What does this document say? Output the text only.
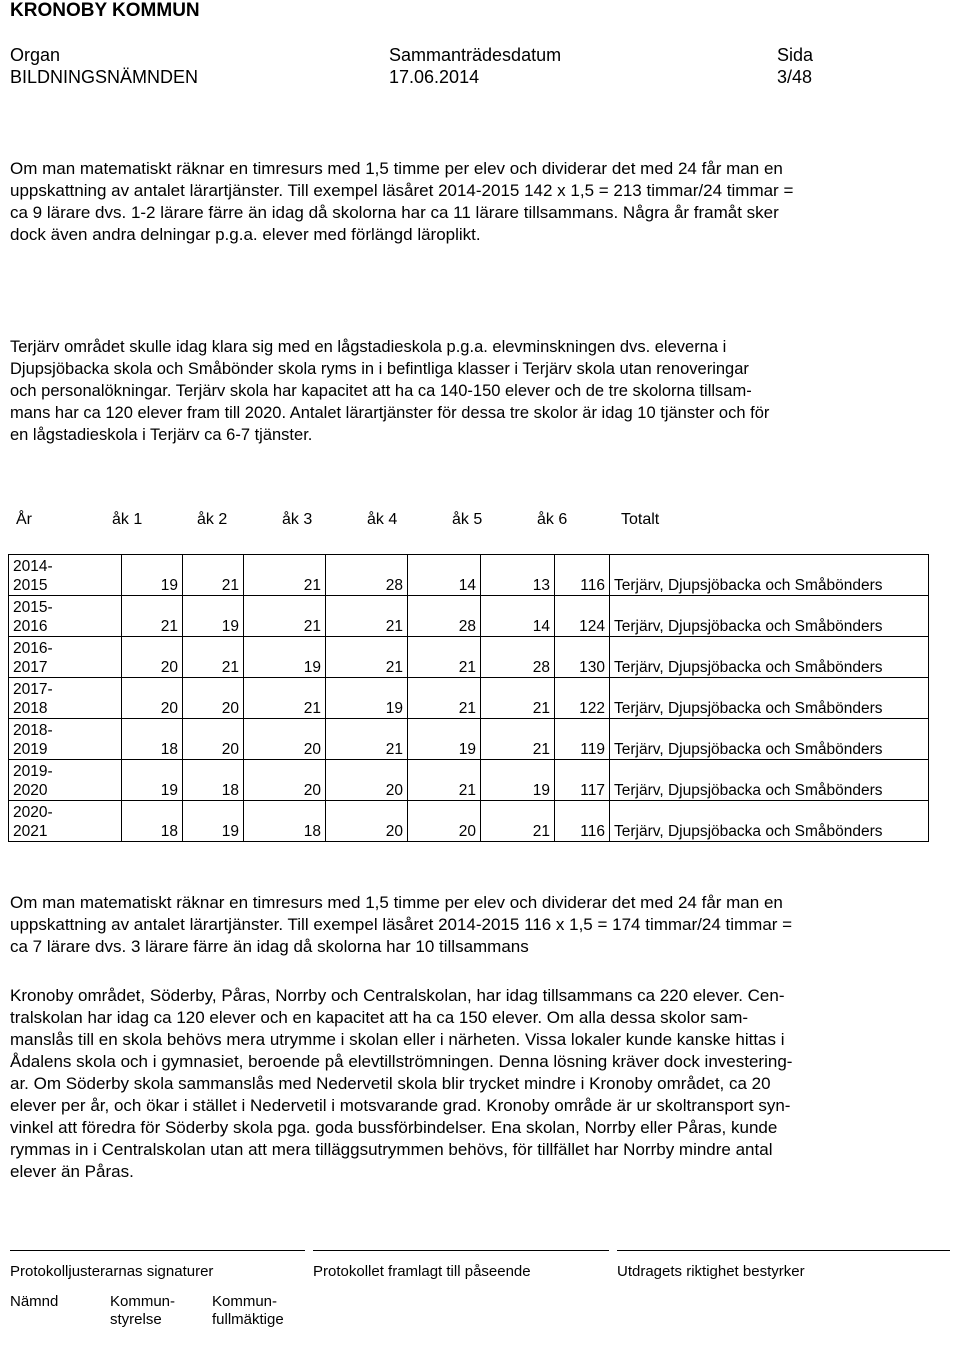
KRONOBY KOMMUN
Organ
BILDNINGSNÄMNDEN
Sammanträdesdatum
17.06.2014
Sida
3/48
Om man matematiskt räknar en timresurs med 1,5 timme per elev och dividerar det med 24 får man en
uppskattning av antalet lärartjänster. Till exempel läsåret 2014-2015 142 x 1,5 = 213 timmar/24 timmar =
ca 9 lärare dvs. 1-2 lärare färre än idag då skolorna har ca 11 lärare tillsammans. Några år framåt sker
dock även andra delningar p.g.a. elever med förlängd läroplikt.
Terjärv området skulle idag klara sig med en lågstadieskola p.g.a. elevminskningen dvs. eleverna i
Djupsjöbacka skola och Småbönder skola ryms in i befintliga klasser i Terjärv skola utan renoveringar
och personalökningar. Terjärv skola har kapacitet att ha ca 140-150 elever och de tre skolorna tillsam-
mans har ca 120 elever fram till 2020. Antalet lärartjänster för dessa tre skolor är idag 10 tjänster och för
en lågstadieskola i Terjärv ca 6-7 tjänster.
År	åk 1	åk 2	åk 3	åk 4	åk 5	åk 6	Totalt
2014-
2015	19	21	21	28	14	13	116	Terjärv, Djupsjöbacka och Småbönders

2015-
2016	21	19	21	21	28	14	124	Terjärv, Djupsjöbacka och Småbönders

2016-
2017	20	21	19	21	21	28	130	Terjärv, Djupsjöbacka och Småbönders

2017-
2018	20	20	21	19	21	21	122	Terjärv, Djupsjöbacka och Småbönders

2018-
2019	18	20	20	21	19	21	119	Terjärv, Djupsjöbacka och Småbönders

2019-
2020	19	18	20	20	21	19	117	Terjärv, Djupsjöbacka och Småbönders

2020-
2021	18	19	18	20	20	21	116	Terjärv, Djupsjöbacka och Småbönders
Om man matematiskt räknar en timresurs med 1,5 timme per elev och dividerar det med 24 får man en
uppskattning av antalet lärartjänster. Till exempel läsåret 2014-2015 116 x 1,5 = 174 timmar/24 timmar =
ca 7 lärare dvs. 3 lärare färre än idag då skolorna har 10 tillsammans
Kronoby området, Söderby, Påras, Norrby och Centralskolan, har idag tillsammans ca 220 elever. Cen-
tralskolan har idag ca 120 elever och en kapacitet att ha ca 150 elever. Om alla dessa skolor sam-
manslås till en skola behövs mera utrymme i skolan eller i närheten. Vissa lokaler kunde kanske hittas i
Ådalens skola och i gymnasiet, beroende på elevtillströmningen. Denna lösning kräver dock investering-
ar. Om Söderby skola sammanslås med Nedervetil skola blir trycket mindre i Kronoby området, ca 20
elever per år, och ökar i stället i Nedervetil i motsvarande grad. Kronoby område är ur skoltransport syn-
vinkel att föredra för Söderby skola pga. goda bussförbindelser. Ena skolan, Norrby eller Påras, kunde
rymmas in i Centralskolan utan att mera tilläggsutrymmen behövs, för tillfället har Norrby mindre antal
elever än Påras.
Protokolljusterarnas signaturer	Protokollet framlagt till påseende	Utdragets riktighet bestyrker
Nämnd	Kommun-
styrelse
Kommun-
fullmäktige
